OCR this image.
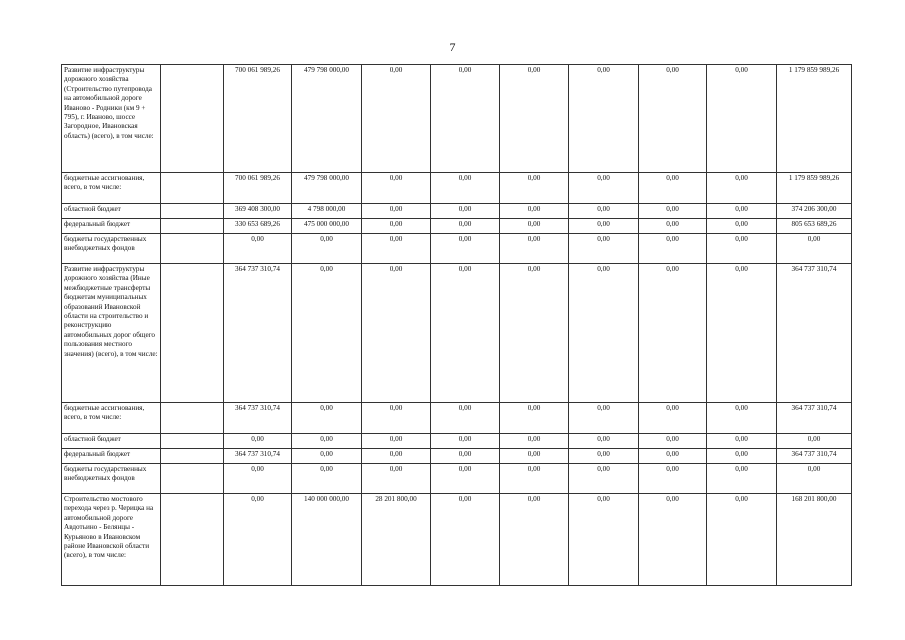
7
Развитие инфраструктуры дорожного хозяйства (Строительство путепровода на автомобильной дороге Иваново - Родники (км 9 + 795), г. Иваново, шоссе Загородное, Ивановская область) (всего), в том числе:		700 061 989,26	479 798 000,00	0,00	0,00	0,00	0,00	0,00	0,00	1 179 859 989,26
бюджетные ассигнования, всего, в том числе:		700 061 989,26	479 798 000,00	0,00	0,00	0,00	0,00	0,00	0,00	1 179 859 989,26
областной бюджет		369 408 300,00	4 798 000,00	0,00	0,00	0,00	0,00	0,00	0,00	374 206 300,00
федеральный бюджет		330 653 689,26	475 000 000,00	0,00	0,00	0,00	0,00	0,00	0,00	805 653 689,26
бюджеты государственных внебюджетных фондов		0,00	0,00	0,00	0,00	0,00	0,00	0,00	0,00	0,00
Развитие инфраструктуры дорожного хозяйства (Иные межбюджетные трансферты бюджетам муниципальных образований Ивановской области на строительство и реконструкцию автомобильных дорог общего пользования местного значения) (всего), в том числе:		364 737 310,74	0,00	0,00	0,00	0,00	0,00	0,00	0,00	364 737 310,74
бюджетные ассигнования, всего, в том числе:		364 737 310,74	0,00	0,00	0,00	0,00	0,00	0,00	0,00	364 737 310,74
областной бюджет		0,00	0,00	0,00	0,00	0,00	0,00	0,00	0,00	0,00
федеральный бюджет		364 737 310,74	0,00	0,00	0,00	0,00	0,00	0,00	0,00	364 737 310,74
бюджеты государственных внебюджетных фондов		0,00	0,00	0,00	0,00	0,00	0,00	0,00	0,00	0,00
Строительство мостового перехода через р. Черицка на автомобильной дороге Авдотьино - Белянцы - Курьяново в Ивановском районе Ивановской области (всего), в том числе:		0,00	140 000 000,00	28 201 800,00	0,00	0,00	0,00	0,00	0,00	168 201 800,00
